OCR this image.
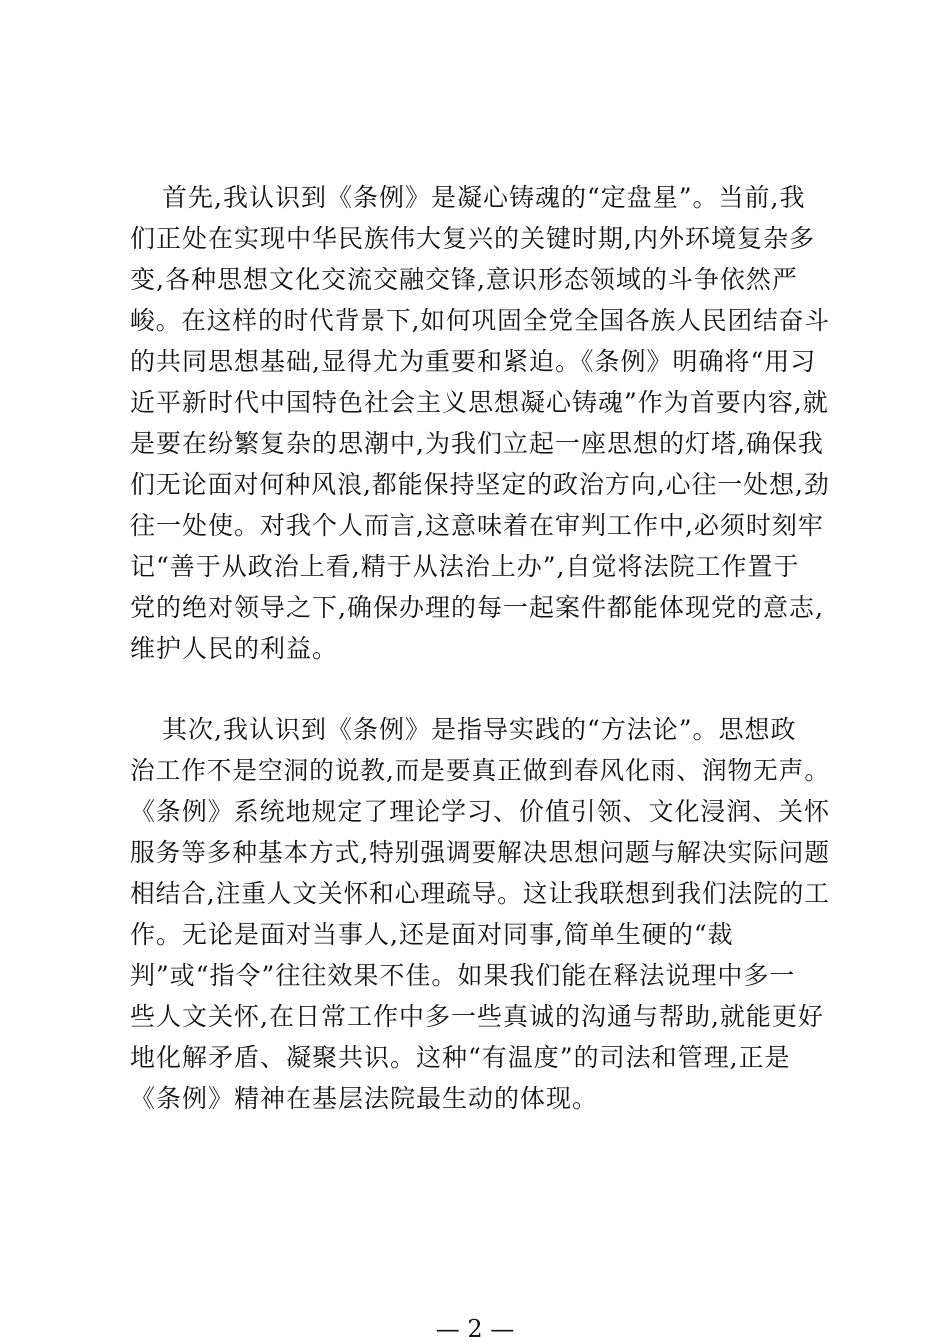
首先,我认识到《条例》是凝心铸魂的“定盘星”。当前,我
们正处在实现中华民族伟大复兴的关键时期,内外环境复杂多
变,各种思想文化交流交融交锋,意识形态领域的斗争依然严
峻。在这样的时代背景下,如何巩固全党全国各族人民团结奋斗
的共同思想基础,显得尤为重要和紧迫。《条例》明确将“用习
近平新时代中国特色社会主义思想凝心铸魂”作为首要内容,就
是要在纷繁复杂的思潮中,为我们立起一座思想的灯塔,确保我
们无论面对何种风浪,都能保持坚定的政治方向,心往一处想,劲
往一处使。对我个人而言,这意味着在审判工作中,必须时刻牢
记“善于从政治上看,精于从法治上办”,自觉将法院工作置于
党的绝对领导之下,确保办理的每一起案件都能体现党的意志,
维护人民的利益。
其次,我认识到《条例》是指导实践的“方法论”。思想政
治工作不是空洞的说教,而是要真正做到春风化雨、润物无声。
《条例》系统地规定了理论学习、价值引领、文化浸润、关怀
服务等多种基本方式,特别强调要解决思想问题与解决实际问题
相结合,注重人文关怀和心理疏导。这让我联想到我们法院的工
作。无论是面对当事人,还是面对同事,简单生硬的“裁
判”或“指令”往往效果不佳。如果我们能在释法说理中多一
些人文关怀,在日常工作中多一些真诚的沟通与帮助,就能更好
地化解矛盾、凝聚共识。这种“有温度”的司法和管理,正是
《条例》精神在基层法院最生动的体现。
— 2 —
